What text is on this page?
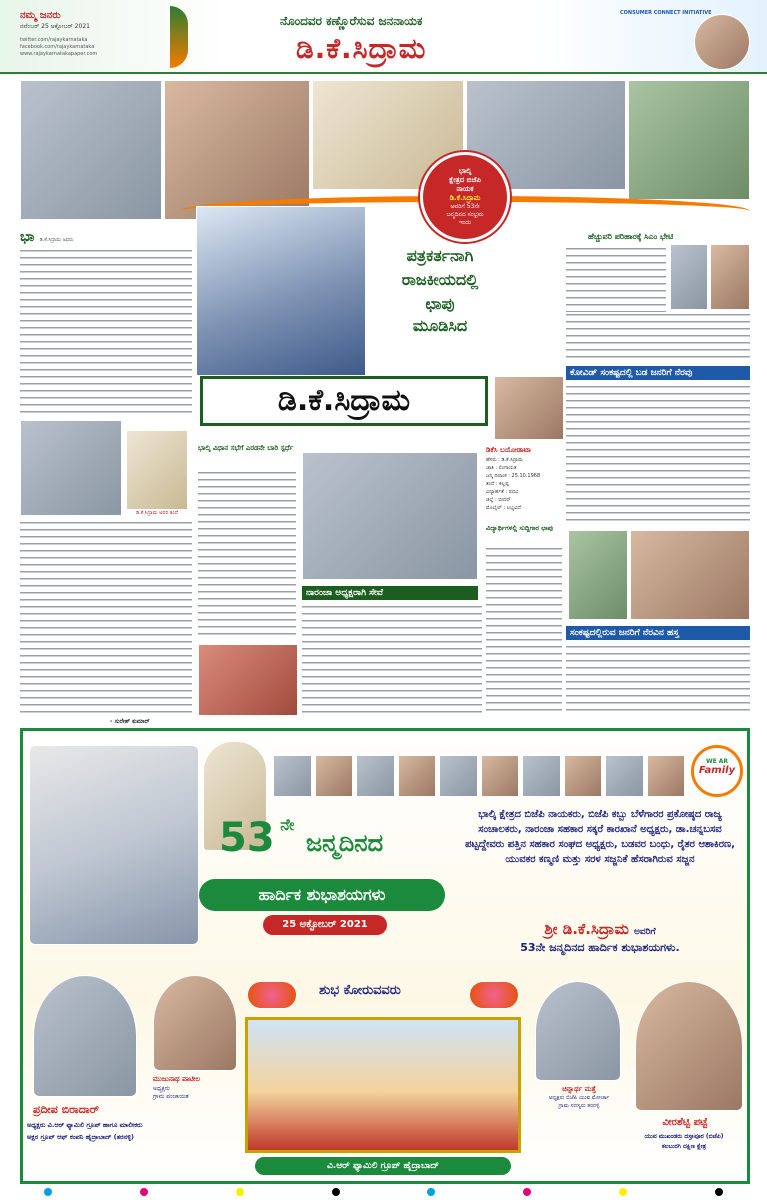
ನಮ್ಮ ಜನರು
ನವೆಂಬರ್ 25 ಅಕ್ಟೋಬರ್ 2021
twitter.com/rajaykarnataka
facebook.com/rajaykarnataka
www.rajaykarnatakapaper.com
ನೊಂದವರ ಕಣ್ಣೊರೆಸುವ ಜನನಾಯಕ
ಡಿ.ಕೆ.ಸಿದ್ರಾಮ
CONSUMER CONNECT INITIATIVE
ಭಾಲ್ಕಿ
ಕ್ಷೇತ್ರದ ಬಿಜೆಪಿ
ನಾಯಕ
ಡಿ.ಕೆ.ಸಿದ್ರಾಮ
ಅವರಿಗೆ 53ನೇ
ಜನ್ಮದಿನದ ಸಂಭ್ರಮ
ಇಂದು
ಭಾ ಡಿ.ಕೆ.ಸಿದ್ರಾಮ ಅವರು
ಡಿ.ಕೆ.ಸಿದ್ರಾಮ ಅವರ ತಂದೆ
- ಸುರೇಶ್ ಕುಮಾರ್
ಪತ್ರಕರ್ತನಾಗಿ
ರಾಜಕೀಯದಲ್ಲಿ
ಛಾಪು
ಮೂಡಿಸಿದ
ಡಿ.ಕೆ.ಸಿದ್ರಾಮ
ಹೆಚ್ಚುವರಿ ಪರಿಹಾರಕ್ಕೆ ಸಿಎಂ ಭೇಟಿ
ಕೋವಿಡ್ ಸಂಕಷ್ಟದಲ್ಲಿ ಬಡ ಜನರಿಗೆ ನೆರವು
ಭಾಲ್ಕಿ ವಿಧಾನ ಸಭೆಗೆ ಎರಡನೇ ಬಾರಿ ಸ್ಪರ್ಧೆ	ಡಿಕೆಸಿ ಬಯೋಡಾಟಾ
ಹೆಸರು : ಡಿ.ಕೆ.ಸಿದ್ರಾಮ
ಜಾತಿ : ಲಿಂಗಾಯತ
ಜನ್ಮ ದಿನಾಂಕ : 25.10.1968
ತಂದೆ : ಕಲ್ಲಪ್ಪ
ವಿದ್ಯಾರ್ಹತೆ : ಪದವಿ
ಜಿಲ್ಲೆ : ಬೀದರ್
ಮೊಬೈಲ್ : ಲಭ್ಯವಿದೆ
ವಿದ್ಯಾರ್ಥಿಗಳಲ್ಲಿ ಸುದ್ದಿಗಾರ ಛಾಪು
ನಾರಂಜಾ ಅಧ್ಯಕ್ಷರಾಗಿ ಸೇವೆ
ಸಂಕಷ್ಟದಲ್ಲಿರುವ ಜನರಿಗೆ ನೆರವಿನ ಹಸ್ತ
WE AR
Family
53 ನೇ ಜನ್ಮದಿನದ
ಹಾರ್ದಿಕ ಶುಭಾಶಯಗಳು
25 ಅಕ್ಟೋಬರ್ 2021
ಭಾಲ್ಕಿ ಕ್ಷೇತ್ರದ ಬಿಜೆಪಿ ನಾಯಕರು, ಬಿಜೆಪಿ ಕಬ್ಬು ಬೆಳೆಗಾರರ ಪ್ರಕೋಷ್ಠದ ರಾಜ್ಯ ಸಂಚಾಲಕರು, ನಾರಂಜಾ ಸಹಕಾರ ಸಕ್ಕರೆ ಕಾರಖಾನೆ ಅಧ್ಯಕ್ಷರು, ಡಾ.ಚನ್ನಬಸವ ಪಟ್ಟದ್ದೇವರು ಪತ್ತಿನ ಸಹಕಾರ ಸಂಘದ ಅಧ್ಯಕ್ಷರು, ಬಡವರ ಬಂಧು, ರೈತರ ಆಶಾಕಿರಣ, ಯುವಕರ ಕಣ್ಮಣಿ ಮತ್ತು ಸರಳ ಸಜ್ಜನಿಕೆ ಹೆಸರಾಗಿರುವ ಸಜ್ಜನ
ಶ್ರೀ ಡಿ.ಕೆ.ಸಿದ್ರಾಮ ಅವರಿಗೆ
53ನೇ ಜನ್ಮದಿನದ ಹಾರ್ದಿಕ ಶುಭಾಶಯಗಳು.
ಶುಭ ಕೋರುವವರು
ವಿ.ಆರ್ ಫ್ಯಾಮಿಲಿ ಗ್ರೂಪ್ ಹೈದ್ರಾಬಾದ್
ಪ್ರದೀಪ ಬಿರಾದಾರ್
ಅಧ್ಯಕ್ಷರು ವಿ.ಆರ್ ಫ್ಯಾಮಿಲಿ ಗ್ರೂಪ್ ಹಾಗೂ ಮಾಲೀಕರು
ಅಕ್ಷರ ಗ್ರೂಪ್ ಆಫ್ ಕಂಪನಿ ಹೈದ್ರಾಬಾದ್ (ತರನಳ್ಳಿ)
ಮುಜುನಾಥ ಪಾಟೀಲ
ಅಧ್ಯಕ್ಷರು
ಗ್ರಾಮ ಪಂಚಾಯತ
ಚಿನ್ನಾರ್ಥ ಮತ್ತೆ
ಅಧ್ಯಕ್ಷರು ಬಿಜೆಪಿ ಯುವ ಮೋರ್ಚಾ
ಗ್ರಾಮ ಸದಸ್ಯರು ತರನಳ್ಳಿ
ವೀರಶೆಟ್ಟಿ ಪಟ್ಟೆ
ಯುವ ಮುಖಂಡರು ದಸ್ತಾಪೂರ (ಬಿಜೆಪಿ)
ಕಲಬುರಗಿ ದಕ್ಷಿಣ ಕ್ಷೇತ್ರ
